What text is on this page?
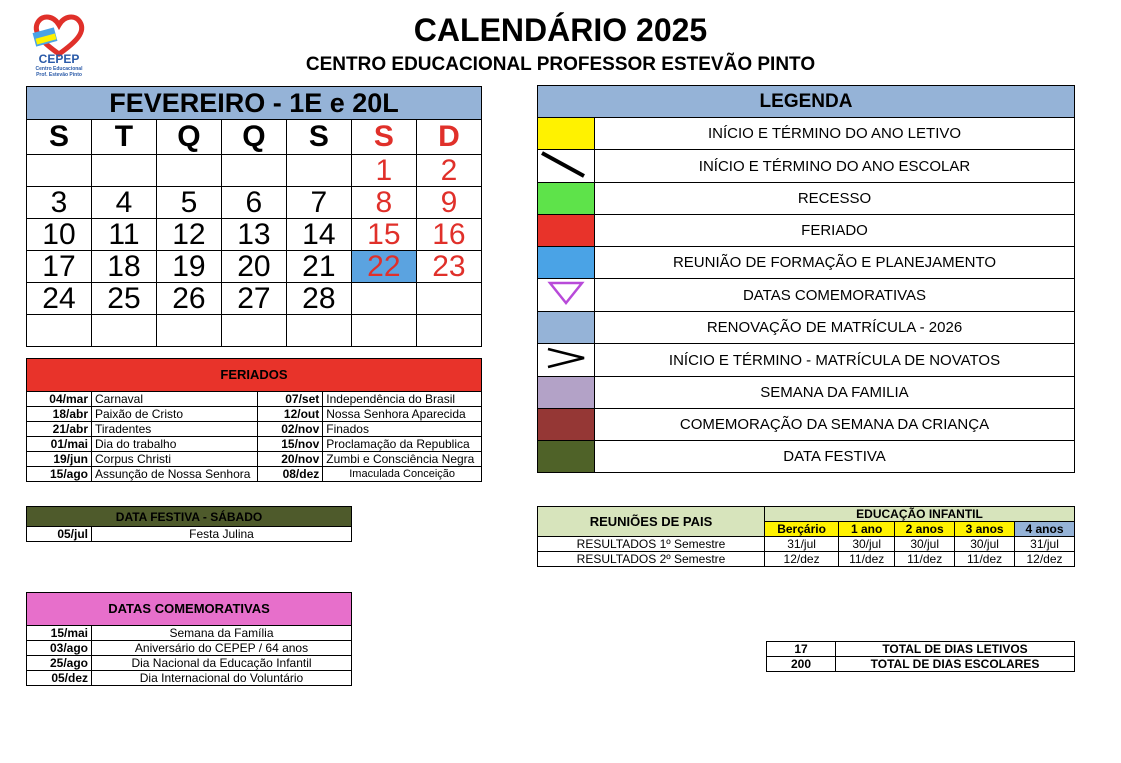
CEPEP
Centro Educacional
Prof. Estevão Pinto
CALENDÁRIO 2025
CENTRO EDUCACIONAL PROFESSOR ESTEVÃO PINTO
FEVEREIRO - 1E e 20L						
S	T	Q	Q	S	S	D
					1	2
3	4	5	6	7	8	9
10	11	12	13	14	15	16
17	18	19	20	21	22	23
24	25	26	27	28		

FERIADOS			
04/mar	Carnaval	07/set	Independência do Brasil
18/abr	Paixão de Cristo	12/out	Nossa Senhora Aparecida
21/abr	Tiradentes	02/nov	Finados
01/mai	Dia do trabalho	15/nov	Proclamação da Republica
19/jun	Corpus Christi	20/nov	Zumbi e Consciência Negra
15/ago	Assunção de Nossa Senhora	08/dez	Imaculada Conceição
DATA FESTIVA - SÁBADO
05/jul	Festa Julina
DATAS COMEMORATIVAS	
15/mai	Semana da Família
03/ago	Aniversário do CEPEP / 64 anos
25/ago	Dia Nacional da Educação Infantil
05/dez	Dia Internacional do Voluntário
LEGENDA	
	INÍCIO E TÉRMINO DO ANO LETIVO
	INÍCIO E TÉRMINO DO ANO ESCOLAR
	RECESSO
	FERIADO
	REUNIÃO DE FORMAÇÃO E PLANEJAMENTO
	DATAS COMEMORATIVAS
	RENOVAÇÃO DE MATRÍCULA - 2026
	INÍCIO E TÉRMINO - MATRÍCULA DE NOVATOS
	SEMANA DA FAMILIA
	COMEMORAÇÃO DA SEMANA DA CRIANÇA
	DATA FESTIVA
REUNIÕES DE PAIS	EDUCAÇÃO INFANTIL				
	Berçário	1 ano	2 anos	3 anos	4 anos
RESULTADOS 1º Semestre	31/jul	30/jul	30/jul	30/jul	31/jul
RESULTADOS 2º Semestre	12/dez	11/dez	11/dez	11/dez	12/dez
17	TOTAL DE DIAS LETIVOS
200	TOTAL DE DIAS ESCOLARES
